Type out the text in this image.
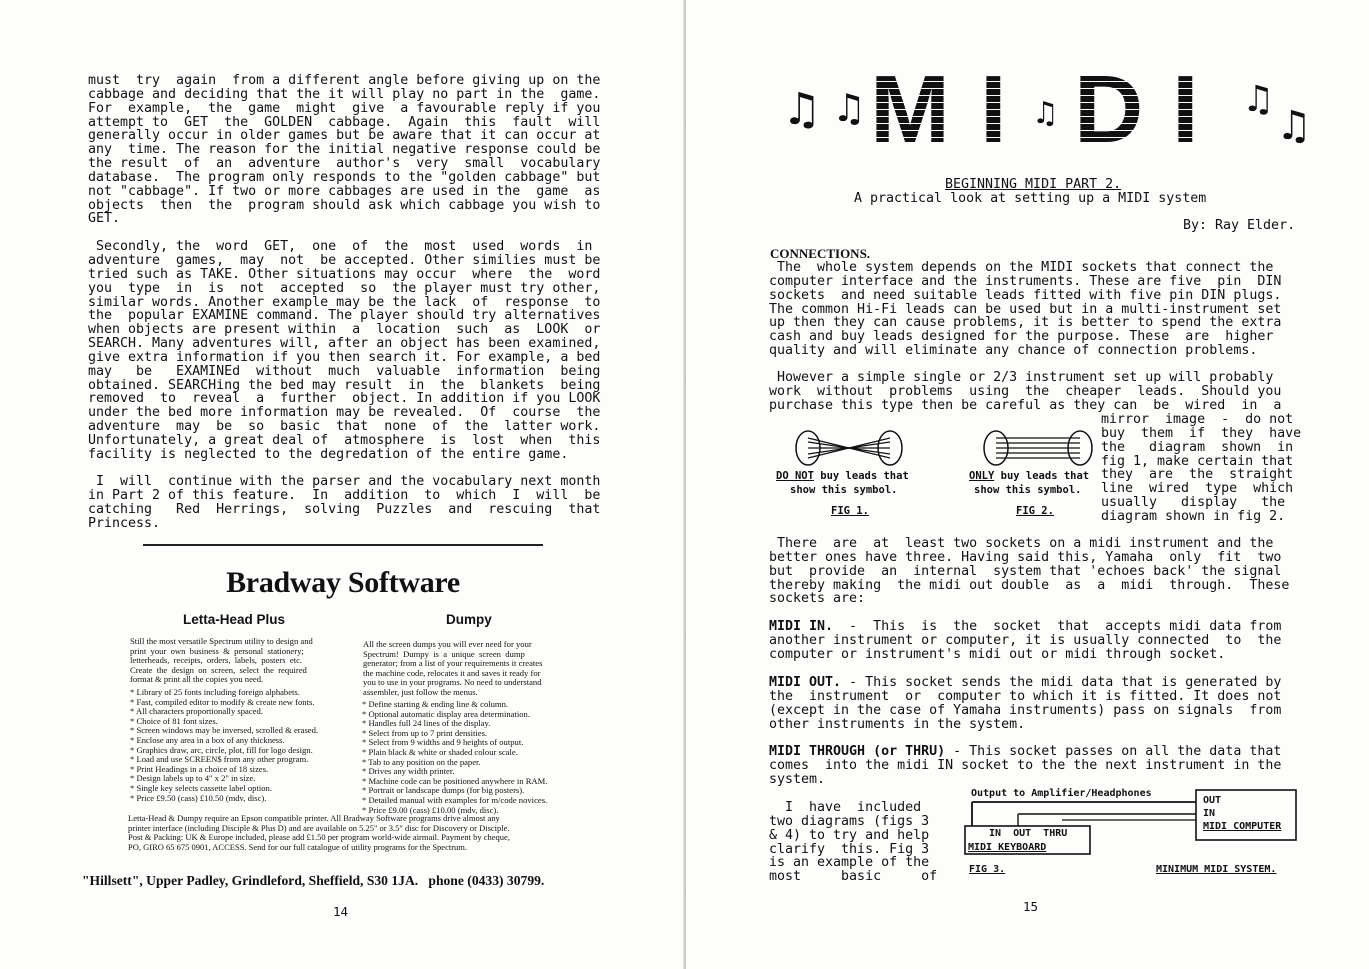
must  try  again  from a different angle before giving up on the
cabbage and deciding that the it will play no part in the  game.
For  example,  the  game  might  give  a favourable reply if you
attempt to  GET  the  GOLDEN  cabbage.  Again  this  fault  will
generally occur in older games but be aware that it can occur at
any  time. The reason for the initial negative response could be
the result  of  an  adventure  author's  very  small  vocabulary
database.  The program only responds to the "golden cabbage" but
not "cabbage". If two or more cabbages are used in the  game  as
objects  then  the  program should ask which cabbage you wish to
GET.

Secondly, the  word  GET,  one  of  the  most  used  words  in
adventure  games,  may  not  be accepted. Other similies must be
tried such as TAKE. Other situations may occur  where  the  word
you  type  in  is  not  accepted  so  the player must try other,
similar words. Another example may be the lack  of  response  to
the  popular EXAMINE command. The player should try alternatives
when objects are present within  a  location  such  as  LOOK  or
SEARCH. Many adventures will, after an object has been examined,
give extra information if you then search it. For example, a bed
may   be   EXAMINEd  without  much  valuable  information  being
obtained. SEARCHing the bed may result  in  the  blankets  being
removed  to  reveal  a  further  object. In addition if you LOOK
under the bed more information may be revealed.  Of  course  the
adventure  may  be  so  basic  that  none  of  the  latter work.
Unfortunately, a great deal of  atmosphere  is  lost  when  this
facility is neglected to the degredation of the entire game.

I  will  continue with the parser and the vocabulary next month
in Part 2 of this feature.  In  addition  to  which  I  will  be
catching   Red  Herrings,  solving  Puzzles  and  rescuing  that
Princess.
Bradway Software
Letta-Head Plus	Dumpy
Still the most versatile Spectrum utility to design and
print  your  own  business  &  personal  stationery;
letterheads,  receipts,  orders,  labels,  posters  etc.
Create  the  design  on  screen,  select  the  required
format & print all the copies you need.
* Library of 25 fonts including foreign alphabets.
* Fast, compiled editor to modify & create new fonts.
* All characters proportionally spaced.
* Choice of 81 font sizes.
* Screen windows may be inversed, scrolled & erased.
* Enclose any area in a box of any thickness.
* Graphics draw, arc, circle, plot, fill for logo design.
* Load and use SCREEN$ from any other program.
* Print Headings in a choice of 18 sizes.
* Design labels up to 4" x 2" in size.
* Single key selects cassette label option.
* Price £9.50 (cass) £10.50 (mdv, disc).
All the screen dumps you will ever need for your
Spectrum!  Dumpy  is  a  unique  screen  dump
generator; from a list of your requirements it creates
the machine code, relocates it and saves it ready for
you to use in your programs. No need to understand
assembler, just follow the menus.
* Define starting & ending line & column.
* Optional automatic display area determination.
* Handles full 24 lines of the display.
* Select from up to 7 print densities.
* Select from 9 widths and 9 heights of output.
* Plain black & white or shaded colour scale.
* Tab to any position on the paper.
* Drives any width printer.
* Machine code can be positioned anywhere in RAM.
* Portrait or landscape dumps (for big posters).
* Detailed manual with examples for m/code novices.
* Price £9.00 (cass) £10.00 (mdv, disc).
Letta-Head & Dumpy require an Epson compatible printer. All Bradway Software programs drive almost any
printer interface (including Disciple & Plus D) and are available on 5.25" or 3.5" disc for Discovery or Disciple.
Post & Packing: UK & Europe included, please add £1.50 per program world-wide airmail. Payment by cheque,
PO, GIRO 65 675 0901, ACCESS. Send for our full catalogue of utility programs for the Spectrum.
"Hillsett", Upper Padley, Grindleford, Sheffield, S30 1JA.   phone (0433) 30799.
14
♫ ♫ M I ♫ D I ♫
♫
BEGINNING MIDI PART 2.
A practical look at setting up a MIDI system
By: Ray Elder.
CONNECTIONS.
The  whole system depends on the MIDI sockets that connect the
computer interface and the instruments. These are five  pin  DIN
sockets  and need suitable leads fitted with five pin DIN plugs.
The common Hi-Fi leads can be used but in a multi-instrument set
up then they can cause problems, it is better to spend the extra
cash and buy leads designed for the purpose. These  are  higher
quality and will eliminate any chance of connection problems.
However a simple single or 2/3 instrument set up will probably
work  without  problems  using  the  cheaper  leads.  Should you
purchase this type then be careful as they can  be  wired  in  a
mirror  image  -  do not
buy  them  if  they  have
the   diagram  shown  in
fig 1, make certain that
they  are  the  straight
line  wired  type  which
usually   display   the
diagram shown in fig 2.
DO NOT buy leads that
show this symbol.
FIG 1.
ONLY buy leads that
show this symbol.
FIG 2.
There  are  at  least two sockets on a midi instrument and the
better ones have three. Having said this, Yamaha  only  fit  two
but  provide  an  internal  system that 'echoes back' the signal
thereby making  the midi out double  as  a  midi  through.  These
sockets are:
MIDI IN.  -  This  is  the  socket  that  accepts midi data from
another instrument or computer, it is usually connected  to  the
computer or instrument's midi out or midi through socket.
MIDI OUT. - This socket sends the midi data that is generated by
the  instrument  or  computer to which it is fitted. It does not
(except in the case of Yamaha instruments) pass on signals  from
other instruments in the system.
MIDI THROUGH (or THRU) - This socket passes on all the data that
comes  into the midi IN socket to the the next instrument in the
system.
I  have  included
two diagrams (figs 3
& 4) to try and help
clarify  this. Fig 3
is an example of the
most     basic     of
Output to Amplifier/Headphones
OUT
IN
MIDI COMPUTER
IN  OUT  THRU
MIDI KEYBOARD
FIG 3.	MINIMUM MIDI SYSTEM.
15
